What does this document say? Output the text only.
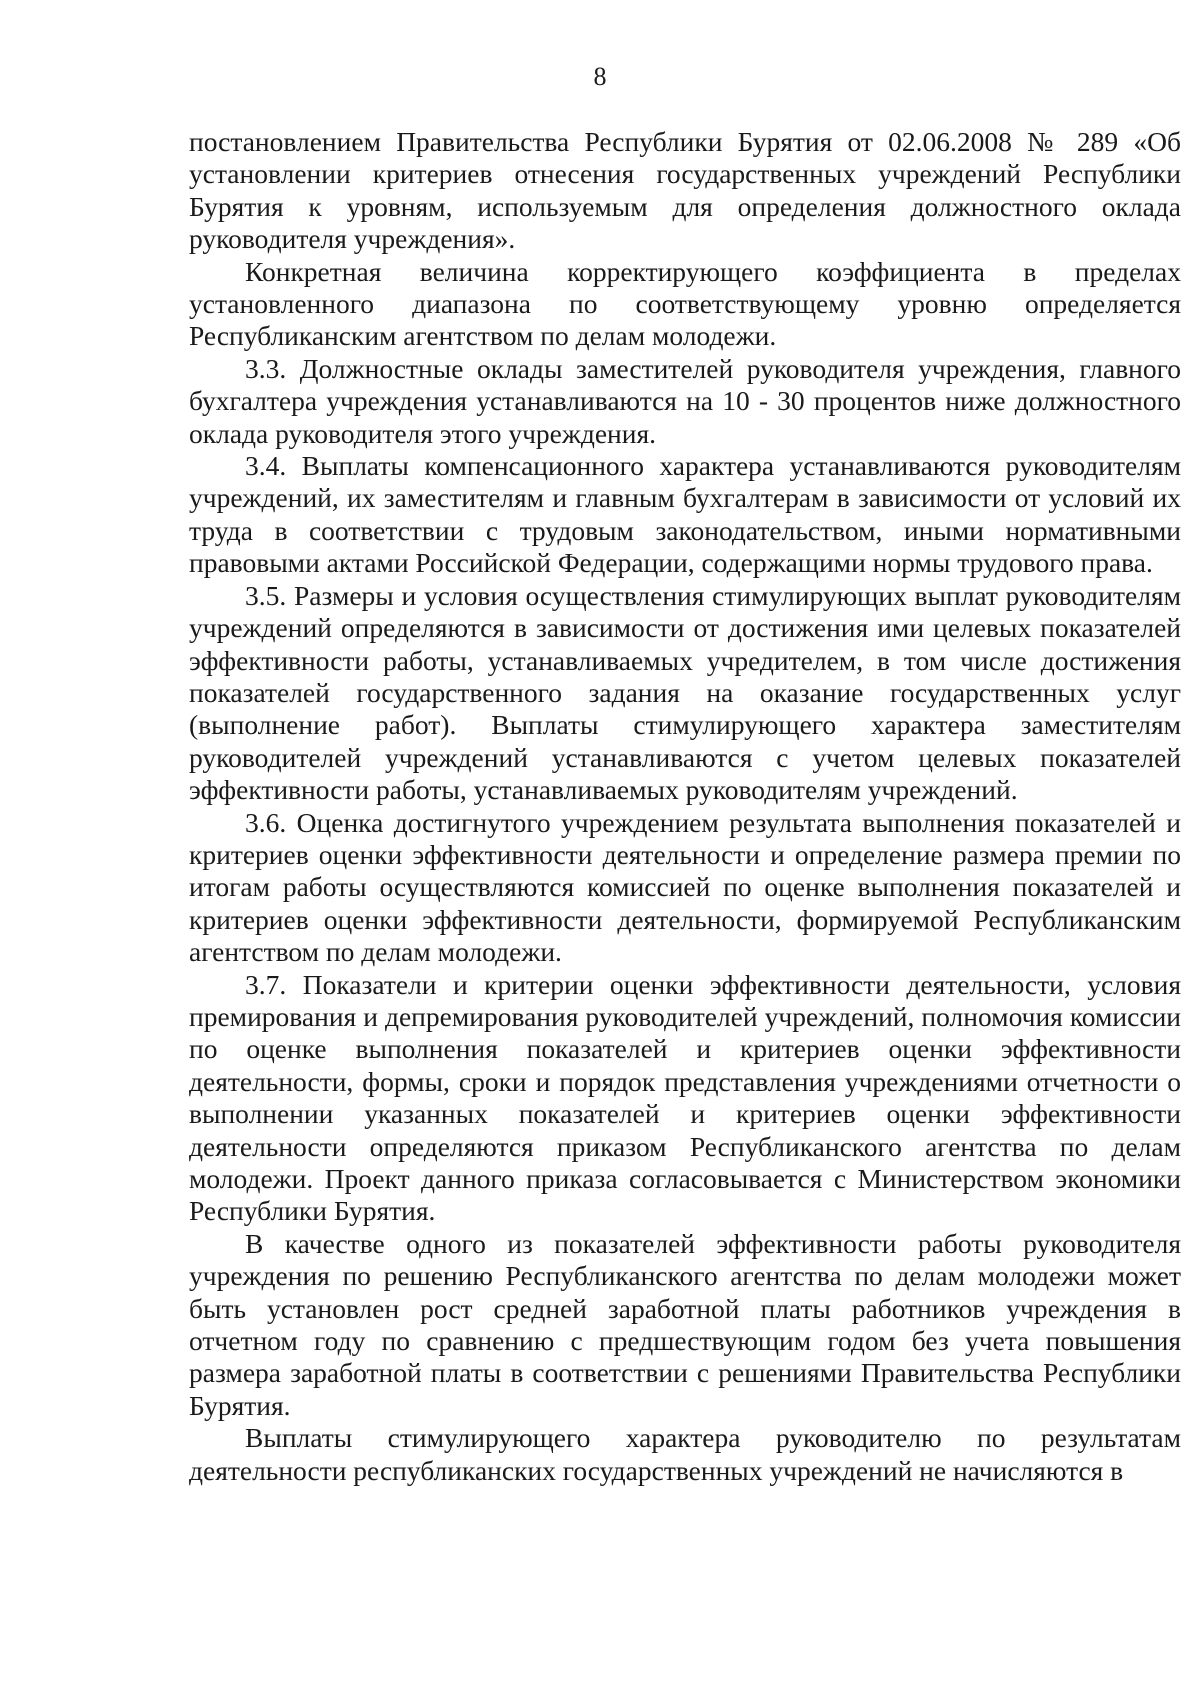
8

постановлением Правительства Республики Бурятия от 02.06.2008 № 289 «Об установлении критериев отнесения государственных учреждений Республики Бурятия к уровням, используемым для определения должностного оклада руководителя учреждения».

Конкретная величина корректирующего коэффициента в пределах установленного диапазона по соответствующему уровню определяется Республиканским агентством по делам молодежи.

3.3. Должностные оклады заместителей руководителя учреждения, главного бухгалтера учреждения устанавливаются на 10 - 30 процентов ниже должностного оклада руководителя этого учреждения.

3.4. Выплаты компенсационного характера устанавливаются руководителям учреждений, их заместителям и главным бухгалтерам в зависимости от условий их труда в соответствии с трудовым законодательством, иными нормативными правовыми актами Российской Федерации, содержащими нормы трудового права.

3.5. Размеры и условия осуществления стимулирующих выплат руководителям учреждений определяются в зависимости от достижения ими целевых показателей эффективности работы, устанавливаемых учредителем, в том числе достижения показателей государственного задания на оказание государственных услуг (выполнение работ). Выплаты стимулирующего характера заместителям руководителей учреждений устанавливаются с учетом целевых показателей эффективности работы, устанавливаемых руководителям учреждений.

3.6. Оценка достигнутого учреждением результата выполнения показателей и критериев оценки эффективности деятельности и определение размера премии по итогам работы осуществляются комиссией по оценке выполнения показателей и критериев оценки эффективности деятельности, формируемой Республиканским агентством по делам молодежи.

3.7. Показатели и критерии оценки эффективности деятельности, условия премирования и депремирования руководителей учреждений, полномочия комиссии по оценке выполнения показателей и критериев оценки эффективности деятельности, формы, сроки и порядок представления учреждениями отчетности о выполнении указанных показателей и критериев оценки эффективности деятельности определяются приказом Республиканского агентства по делам молодежи. Проект данного приказа согласовывается с Министерством экономики Республики Бурятия.

В качестве одного из показателей эффективности работы руководителя учреждения по решению Республиканского агентства по делам молодежи может быть установлен рост средней заработной платы работников учреждения в отчетном году по сравнению с предшествующим годом без учета повышения размера заработной платы в соответствии с решениями Правительства Республики Бурятия.

Выплаты стимулирующего характера руководителю по результатам деятельности республиканских государственных учреждений не начисляются в
